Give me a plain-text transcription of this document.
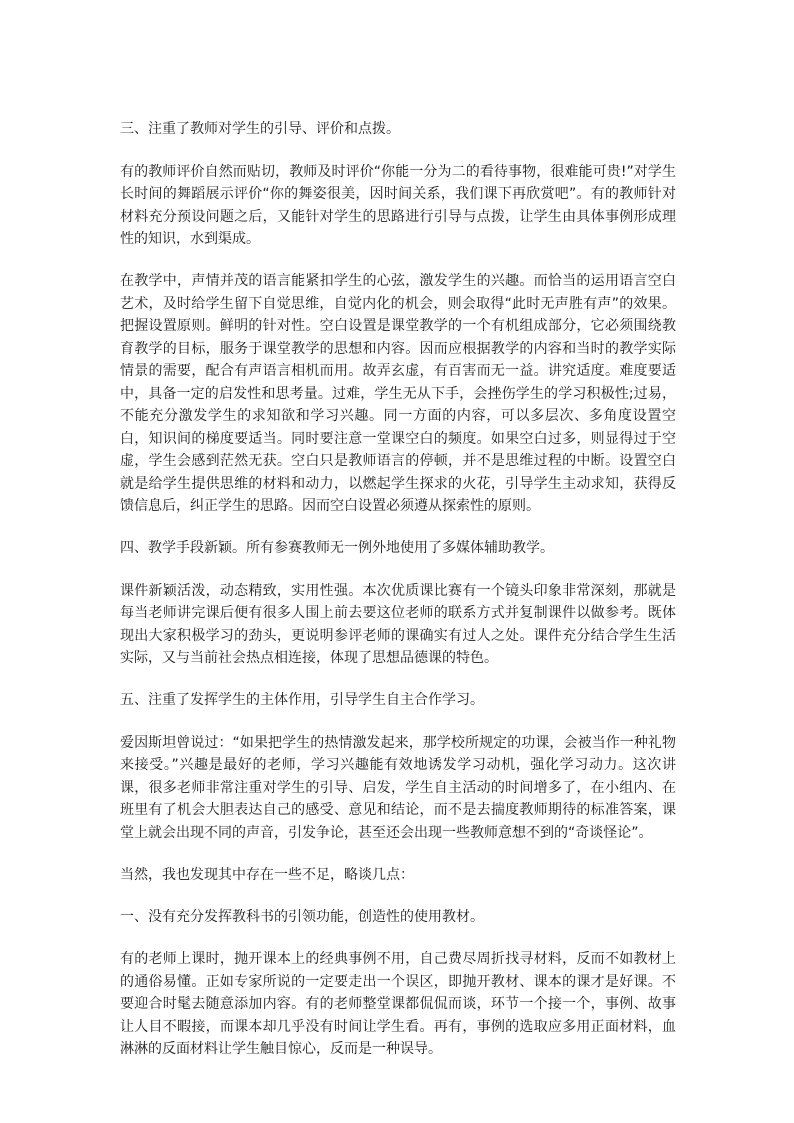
三、注重了教师对学生的引导、评价和点拨。

有的教师评价自然而贴切，教师及时评价“你能一分为二的看待事物，很难能可贵!”对学生长时间的舞蹈展示评价“你的舞姿很美，因时间关系，我们课下再欣赏吧”。有的教师针对材料充分预设问题之后，又能针对学生的思路进行引导与点拨，让学生由具体事例形成理性的知识，水到渠成。

在教学中，声情并茂的语言能紧扣学生的心弦，激发学生的兴趣。而恰当的运用语言空白艺术，及时给学生留下自觉思维，自觉内化的机会，则会取得“此时无声胜有声”的效果。把握设置原则。鲜明的针对性。空白设置是课堂教学的一个有机组成部分，它必须围绕教育教学的目标，服务于课堂教学的思想和内容。因而应根据教学的内容和当时的教学实际情景的需要，配合有声语言相机而用。故弄玄虚，有百害而无一益。讲究适度。难度要适中，具备一定的启发性和思考量。过难，学生无从下手，会挫伤学生的学习积极性;过易，不能充分激发学生的求知欲和学习兴趣。同一方面的内容，可以多层次、多角度设置空白，知识间的梯度要适当。同时要注意一堂课空白的频度。如果空白过多，则显得过于空虚，学生会感到茫然无获。空白只是教师语言的停顿，并不是思维过程的中断。设置空白就是给学生提供思维的材料和动力，以燃起学生探求的火花，引导学生主动求知，获得反馈信息后，纠正学生的思路。因而空白设置必须遵从探索性的原则。

四、教学手段新颖。所有参赛教师无一例外地使用了多媒体辅助教学。

课件新颖活泼，动态精致，实用性强。本次优质课比赛有一个镜头印象非常深刻，那就是每当老师讲完课后便有很多人围上前去要这位老师的联系方式并复制课件以做参考。既体现出大家积极学习的劲头，更说明参评老师的课确实有过人之处。课件充分结合学生生活实际，又与当前社会热点相连接，体现了思想品德课的特色。

五、注重了发挥学生的主体作用，引导学生自主合作学习。

爱因斯坦曾说过：“如果把学生的热情激发起来，那学校所规定的功课，会被当作一种礼物来接受。”兴趣是最好的老师，学习兴趣能有效地诱发学习动机，强化学习动力。这次讲课，很多老师非常注重对学生的引导、启发，学生自主活动的时间增多了，在小组内、在班里有了机会大胆表达自己的感受、意见和结论，而不是去揣度教师期待的标准答案，课堂上就会出现不同的声音，引发争论，甚至还会出现一些教师意想不到的“奇谈怪论”。

当然，我也发现其中存在一些不足，略谈几点：

一、没有充分发挥教科书的引领功能，创造性的使用教材。

有的老师上课时，抛开课本上的经典事例不用，自己费尽周折找寻材料，反而不如教材上的通俗易懂。正如专家所说的一定要走出一个误区，即抛开教材、课本的课才是好课。不要迎合时髦去随意添加内容。有的老师整堂课都侃侃而谈，环节一个接一个，事例、故事让人目不暇接，而课本却几乎没有时间让学生看。再有，事例的选取应多用正面材料，血淋淋的反面材料让学生触目惊心，反而是一种误导。
